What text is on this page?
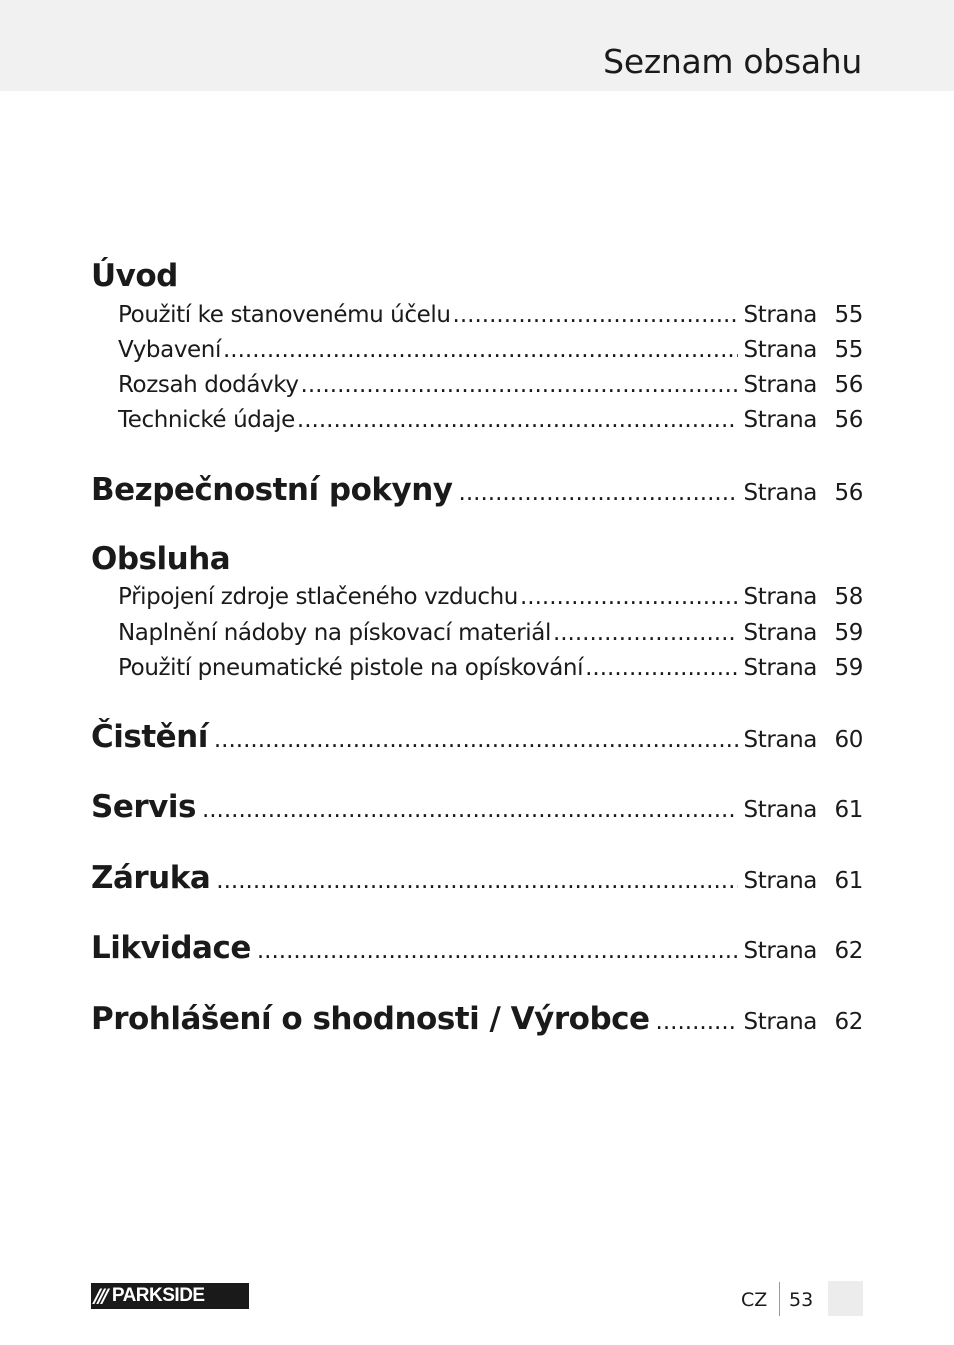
Seznam obsahu
Úvod
Použití ke stanovenému účelu .....	Strana 55
Vybavení .....	Strana 55
Rozsah dodávky .....	Strana 56
Technické údaje .....	Strana 56
Bezpečnostní pokyny .....	Strana 56
Obsluha
Připojení zdroje stlačeného vzduchu .....	Strana 58
Naplnění nádoby na pískovací materiál .....	Strana 59
Použití pneumatické pistole na opískování .....	Strana 59
Čistění .....	Strana 60
Servis .....	Strana 61
Záruka .....	Strana 61
Likvidace .....	Strana 62
Prohlášení o shodnosti / Výrobce .....	Strana 62
/// PARKSIDE	CZ 53
